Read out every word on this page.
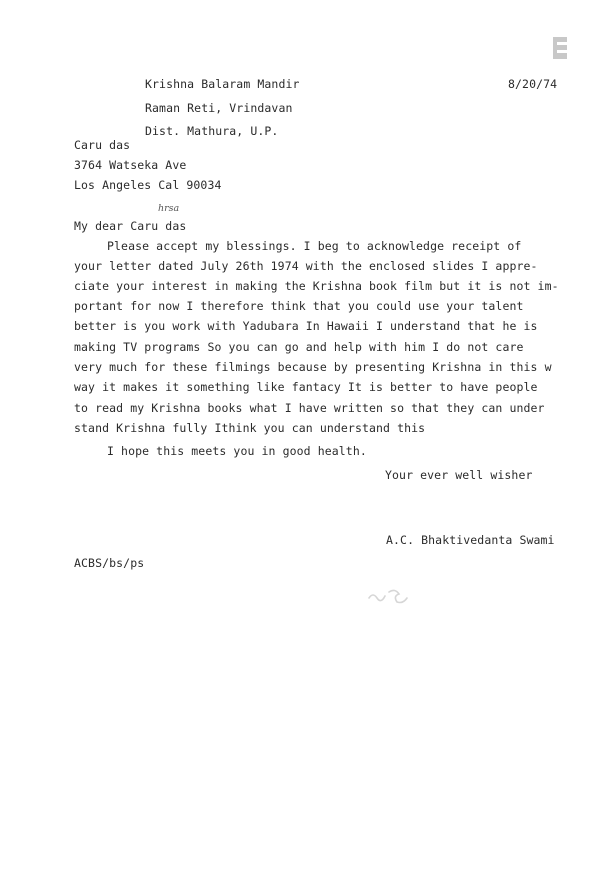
Krishna Balaram Mandir
Raman Reti, Vrindavan
Dist. Mathura, U.P.
8/20/74
Caru das
3764 Watseka Ave
Los Angeles Cal 90034
hrsa
My dear Caru das
Please accept my blessings. I beg to acknowledge receipt of
your letter dated July 26th 1974 with the enclosed slides I appre-
ciate your interest in making the Krishna book film but it is not im-
portant for now I therefore think that you could use your talent
better is you work with Yadubara In Hawaii I understand that he is
making TV programs So you can go and help with him I do not care
very much for these filmings because by presenting Krishna in this w
way it makes it something like fantacy It is better to have people
to read my Krishna books what I have written so that they can under
stand Krishna fully Ithink you can understand this
I hope this meets you in good health.
Your ever well wisher
A.C. Bhaktivedanta Swami
ACBS/bs/ps
